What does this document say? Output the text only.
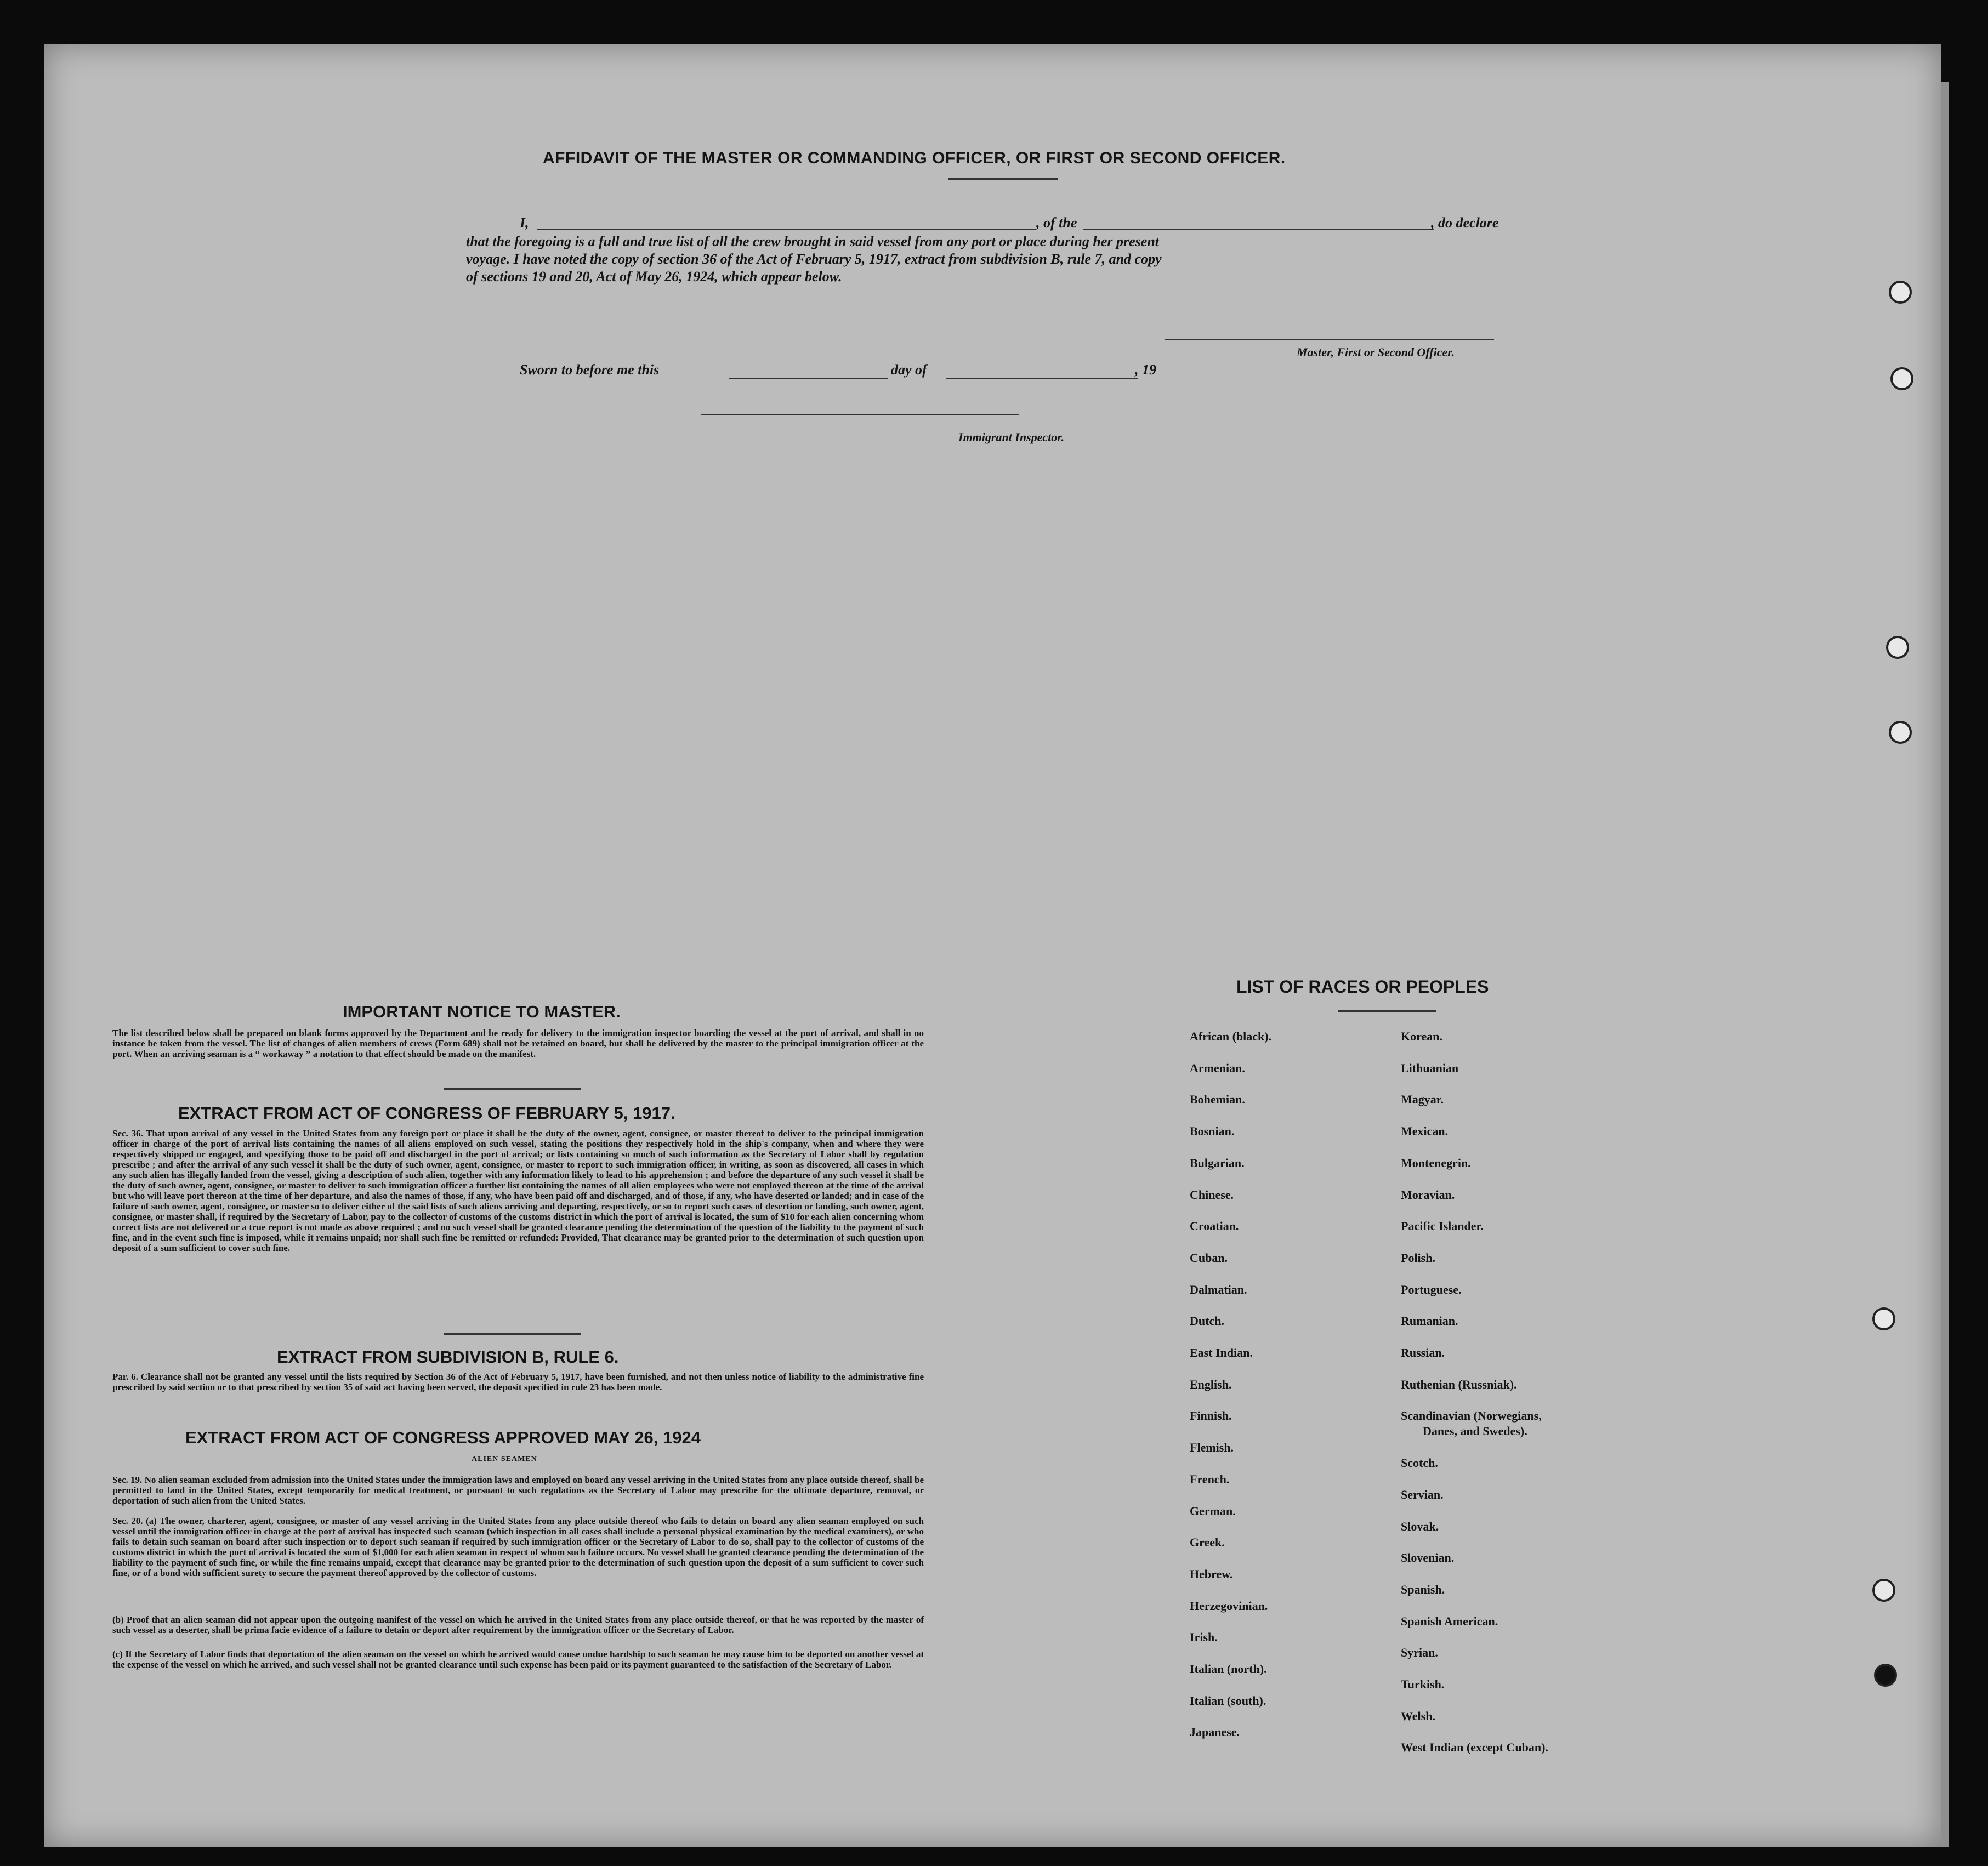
AFFIDAVIT OF THE MASTER OR COMMANDING OFFICER, OR FIRST OR SECOND OFFICER.
I,	, of the	, do declare
that the foregoing is a full and true list of all the crew brought in said vessel from any port or place during her present
voyage. I have noted the copy of section 36 of the Act of February 5, 1917, extract from subdivision B, rule 7, and copy
of sections 19 and 20, Act of May 26, 1924, which appear below.
Master, First or Second Officer.
Sworn to before me this	day of	, 19
Immigrant Inspector.
IMPORTANT NOTICE TO MASTER.
The list described below shall be prepared on blank forms approved by the Department and be ready for delivery to the immigration inspector boarding the vessel at the port of arrival, and shall in no instance be taken from the vessel. The list of changes of alien members of crews (Form 689) shall not be retained on board, but shall be delivered by the master to the principal immigration officer at the port. When an arriving seaman is a “ workaway ” a notation to that effect should be made on the manifest.
EXTRACT FROM ACT OF CONGRESS OF FEBRUARY 5, 1917.
Sec. 36. That upon arrival of any vessel in the United States from any foreign port or place it shall be the duty of the owner, agent, consignee, or master thereof to deliver to the principal immigration officer in charge of the port of arrival lists containing the names of all aliens employed on such vessel, stating the positions they respectively hold in the ship's company, when and where they were respectively shipped or engaged, and specifying those to be paid off and discharged in the port of arrival; or lists containing so much of such information as the Secretary of Labor shall by regulation prescribe ; and after the arrival of any such vessel it shall be the duty of such owner, agent, consignee, or master to report to such immigration officer, in writing, as soon as discovered, all cases in which any such alien has illegally landed from the vessel, giving a description of such alien, together with any information likely to lead to his apprehension ; and before the departure of any such vessel it shall be the duty of such owner, agent, consignee, or master to deliver to such immigration officer a further list containing the names of all alien employees who were not employed thereon at the time of the arrival but who will leave port thereon at the time of her departure, and also the names of those, if any, who have been paid off and discharged, and of those, if any, who have deserted or landed; and in case of the failure of such owner, agent, consignee, or master so to deliver either of the said lists of such aliens arriving and departing, respectively, or so to report such cases of desertion or landing, such owner, agent, consignee, or master shall, if required by the Secretary of Labor, pay to the collector of customs of the customs district in which the port of arrival is located, the sum of $10 for each alien concerning whom correct lists are not delivered or a true report is not made as above required ; and no such vessel shall be granted clearance pending the determination of the question of the liability to the payment of such fine, and in the event such fine is imposed, while it remains unpaid; nor shall such fine be remitted or refunded: Provided, That clearance may be granted prior to the determination of such question upon deposit of a sum sufficient to cover such fine.
EXTRACT FROM SUBDIVISION B, RULE 6.
Par. 6. Clearance shall not be granted any vessel until the lists required by Section 36 of the Act of February 5, 1917, have been furnished, and not then unless notice of liability to the administrative fine prescribed by said section or to that prescribed by section 35 of said act having been served, the deposit specified in rule 23 has been made.
EXTRACT FROM ACT OF CONGRESS APPROVED MAY 26, 1924
ALIEN SEAMEN
Sec. 19. No alien seaman excluded from admission into the United States under the immigration laws and employed on board any vessel arriving in the United States from any place outside thereof, shall be permitted to land in the United States, except temporarily for medical treatment, or pursuant to such regulations as the Secretary of Labor may prescribe for the ultimate departure, removal, or deportation of such alien from the United States.
Sec. 20. (a) The owner, charterer, agent, consignee, or master of any vessel arriving in the United States from any place outside thereof who fails to detain on board any alien seaman employed on such vessel until the immigration officer in charge at the port of arrival has inspected such seaman (which inspection in all cases shall include a personal physical examination by the medical examiners), or who fails to detain such seaman on board after such inspection or to deport such seaman if required by such immigration officer or the Secretary of Labor to do so, shall pay to the collector of customs of the customs district in which the port of arrival is located the sum of $1,000 for each alien seaman in respect of whom such failure occurs. No vessel shall be granted clearance pending the determination of the liability to the payment of such fine, or while the fine remains unpaid, except that clearance may be granted prior to the determination of such question upon the deposit of a sum sufficient to cover such fine, or of a bond with sufficient surety to secure the payment thereof approved by the collector of customs.
(b) Proof that an alien seaman did not appear upon the outgoing manifest of the vessel on which he arrived in the United States from any place outside thereof, or that he was reported by the master of such vessel as a deserter, shall be prima facie evidence of a failure to detain or deport after requirement by the immigration officer or the Secretary of Labor.
(c) If the Secretary of Labor finds that deportation of the alien seaman on the vessel on which he arrived would cause undue hardship to such seaman he may cause him to be deported on another vessel at the expense of the vessel on which he arrived, and such vessel shall not be granted clearance until such expense has been paid or its payment guaranteed to the satisfaction of the Secretary of Labor.
LIST OF RACES OR PEOPLES
African (black).
Armenian.
Bohemian.
Bosnian.
Bulgarian.
Chinese.
Croatian.
Cuban.
Dalmatian.
Dutch.
East Indian.
English.
Finnish.
Flemish.
French.
German.
Greek.
Hebrew.
Herzegovinian.
Irish.
Italian (north).
Italian (south).
Japanese.
Korean.
Lithuanian
Magyar.
Mexican.
Montenegrin.
Moravian.
Pacific Islander.
Polish.
Portuguese.
Rumanian.
Russian.
Ruthenian (Russniak).
Scandinavian (Norwegians,
Danes, and Swedes).
Scotch.
Servian.
Slovak.
Slovenian.
Spanish.
Spanish American.
Syrian.
Turkish.
Welsh.
West Indian (except Cuban).
